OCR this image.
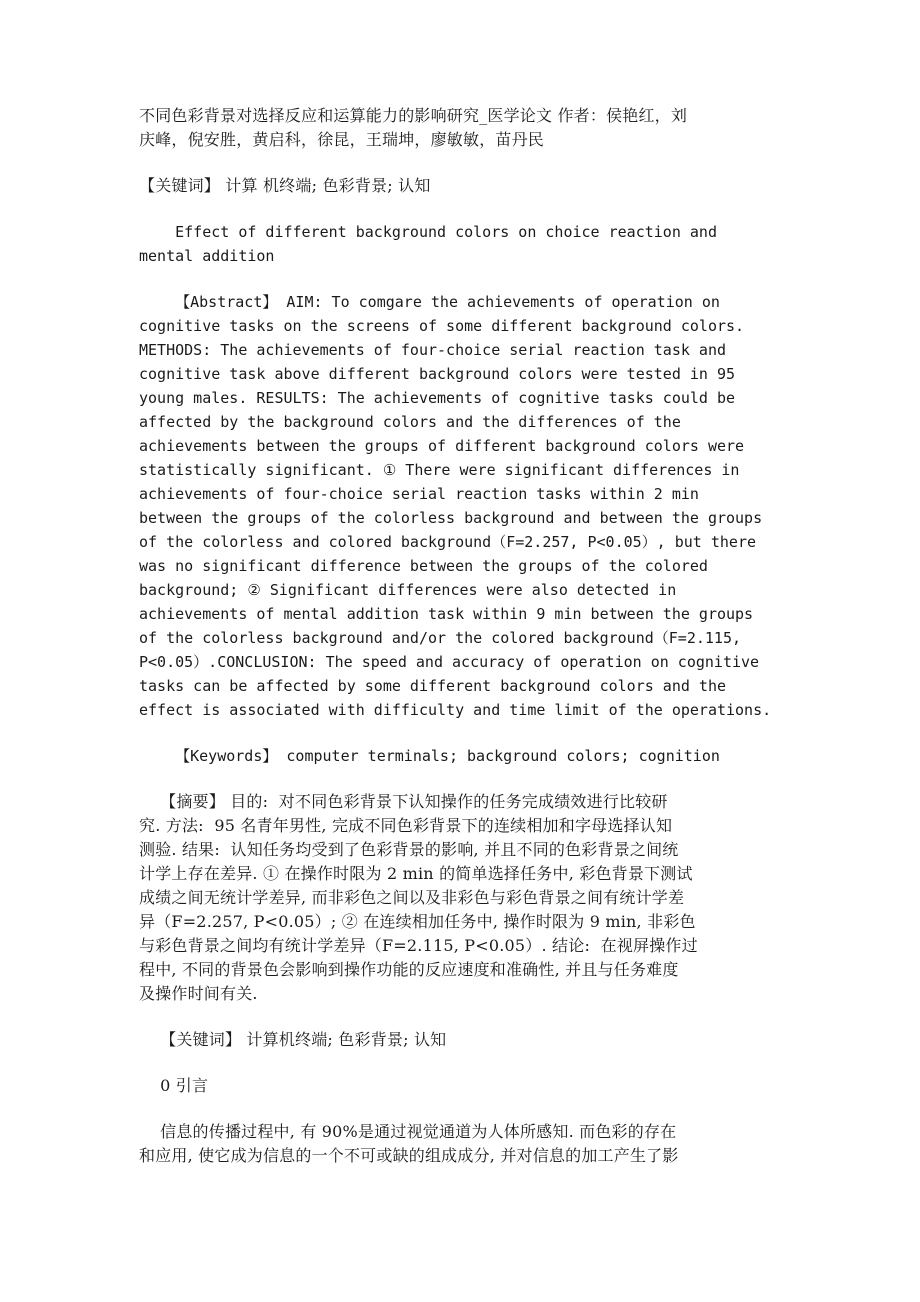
不同色彩背景对选择反应和运算能力的影响研究_医学论文 作者：侯艳红，刘
庆峰，倪安胜，黄启科，徐昆，王瑞坤，廖敏敏，苗丹民

【关键词】 计算 机终端; 色彩背景; 认知

Effect of different background colors on choice reaction and
mental addition

【Abstract】 AIM: To comgare the achievements of operation on
cognitive tasks on the screens of some different background colors.
METHODS: The achievements of four-choice serial reaction task and
cognitive task above different background colors were tested in 95
young males. RESULTS: The achievements of cognitive tasks could be
affected by the background colors and the differences of the
achievements between the groups of different background colors were
statistically significant. ① There were significant differences in
achievements of four-choice serial reaction tasks within 2 min
between the groups of the colorless background and between the groups
of the colorless and colored background（F=2.257, P<0.05）, but there
was no significant difference between the groups of the colored
background; ② Significant differences were also detected in
achievements of mental addition task within 9 min between the groups
of the colorless background and/or the colored background（F=2.115,
P<0.05）.CONCLUSION: The speed and accuracy of operation on cognitive
tasks can be affected by some different background colors and the
effect is associated with difficulty and time limit of the operations.

【Keywords】 computer terminals; background colors; cognition

【摘要】 目的:  对不同色彩背景下认知操作的任务完成绩效进行比较研
究. 方法:  95 名青年男性, 完成不同色彩背景下的连续相加和字母选择认知
测验. 结果:  认知任务均受到了色彩背景的影响, 并且不同的色彩背景之间统
计学上存在差异. ① 在操作时限为 2 min 的简单选择任务中, 彩色背景下测试
成绩之间无统计学差异, 而非彩色之间以及非彩色与彩色背景之间有统计学差
异（F=2.257, P<0.05）; ② 在连续相加任务中, 操作时限为 9 min, 非彩色
与彩色背景之间均有统计学差异（F=2.115, P<0.05）. 结论:  在视屏操作过
程中, 不同的背景色会影响到操作功能的反应速度和准确性, 并且与任务难度
及操作时间有关.

【关键词】 计算机终端; 色彩背景; 认知

0 引言

信息的传播过程中, 有 90%是通过视觉通道为人体所感知. 而色彩的存在
和应用, 使它成为信息的一个不可或缺的组成成分, 并对信息的加工产生了影
